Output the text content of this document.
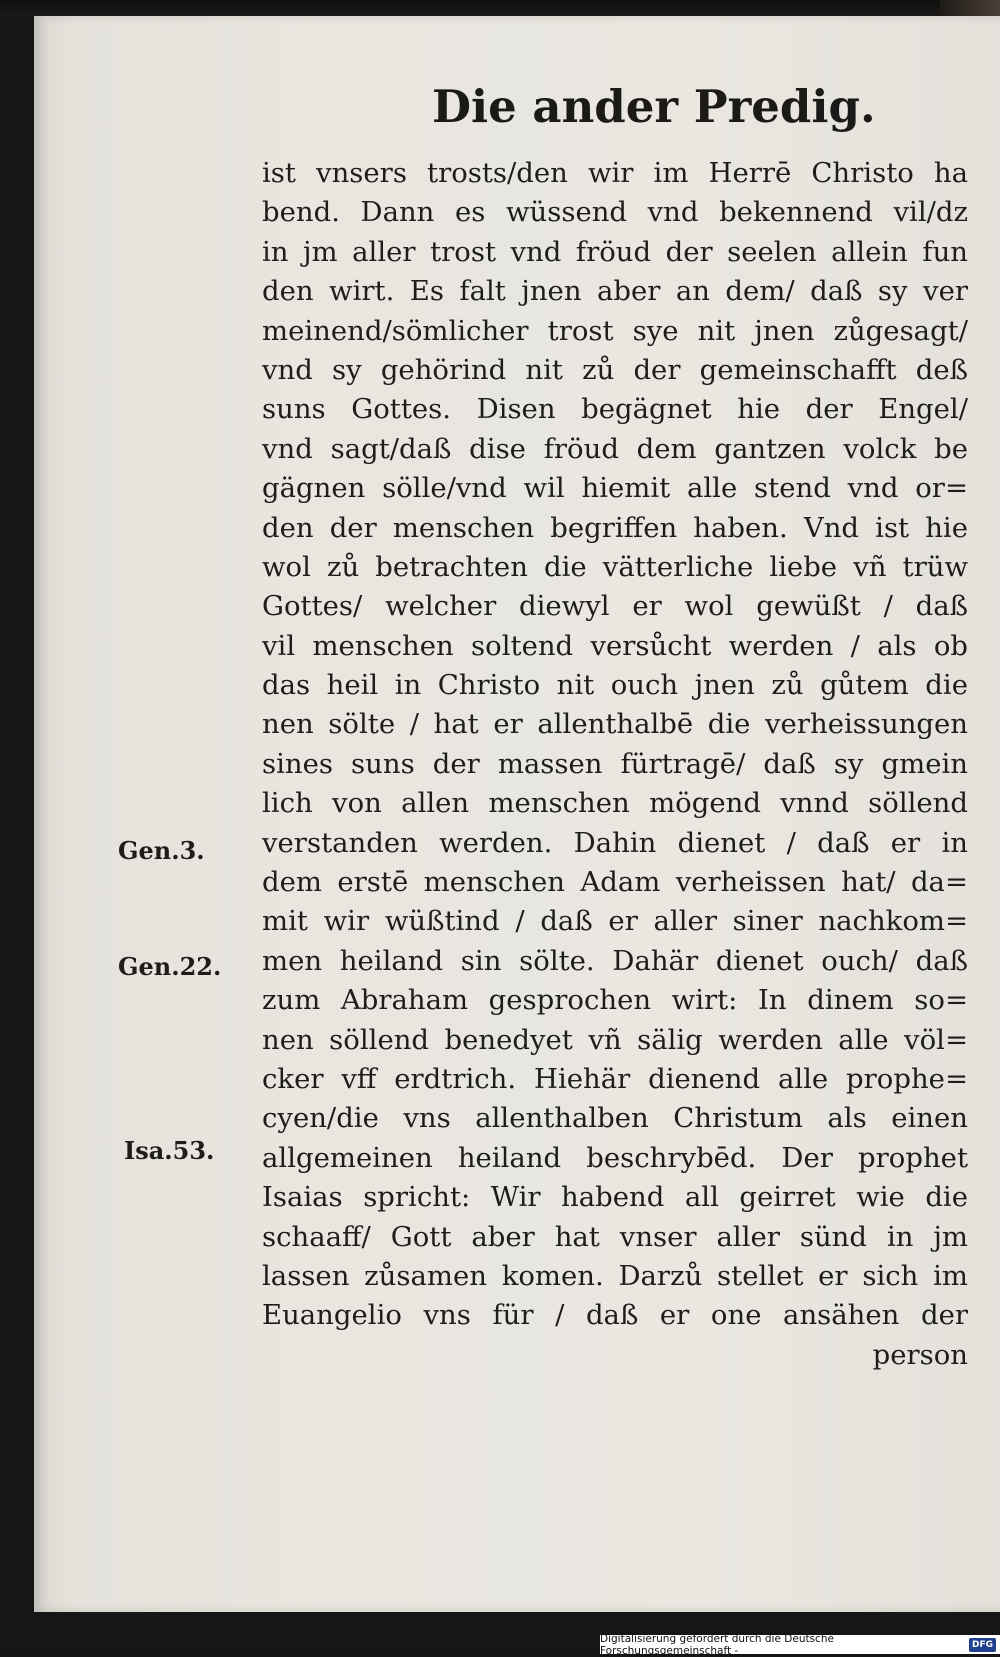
Die ander Predig.
ist vnsers trosts/den wir im Herrē Christo ha
bend. Dann es wüssend vnd bekennend vil/dz
in jm aller trost vnd fröud der seelen allein fun
den wirt. Es falt jnen aber an dem/ daß sy ver
meinend/sömlicher trost sye nit jnen zůgesagt/
vnd sy gehörind nit zů der gemeinschafft deß
suns Gottes. Disen begägnet hie der Engel/
vnd sagt/daß dise fröud dem gantzen volck be
gägnen sölle/vnd wil hiemit alle stend vnd or=
den der menschen begriffen haben. Vnd ist hie
wol zů betrachten die vätterliche liebe vñ trüw
Gottes/ welcher diewyl er wol gewüßt / daß
vil menschen soltend versůcht werden / als ob
das heil in Christo nit ouch jnen zů gůtem die
nen sölte / hat er allenthalbē die verheissungen
sines suns der massen fürtragē/ daß sy gmein
lich von allen menschen mögend vnnd söllend
verstanden werden. Dahin dienet / daß er in
dem erstē menschen Adam verheissen hat/ da=
mit wir wüßtind / daß er aller siner nachkom=
men heiland sin sölte. Dahär dienet ouch/ daß
zum Abraham gesprochen wirt: In dinem so=
nen söllend benedyet vñ sälig werden alle völ=
cker vff erdtrich. Hiehär dienend alle prophe=
cyen/die vns allenthalben Christum als einen
allgemeinen heiland beschrybēd. Der prophet
Isaias spricht: Wir habend all geirret wie die
schaaff/ Gott aber hat vnser aller sünd in jm
lassen zůsamen komen. Darzů stellet er sich im
Euangelio vns für / daß er one ansähen der
person
Gen.3.
Gen.22.
Isa.53.
Digitalisierung gefördert durch die Deutsche Forschungsgemeinschaft -	DFG
